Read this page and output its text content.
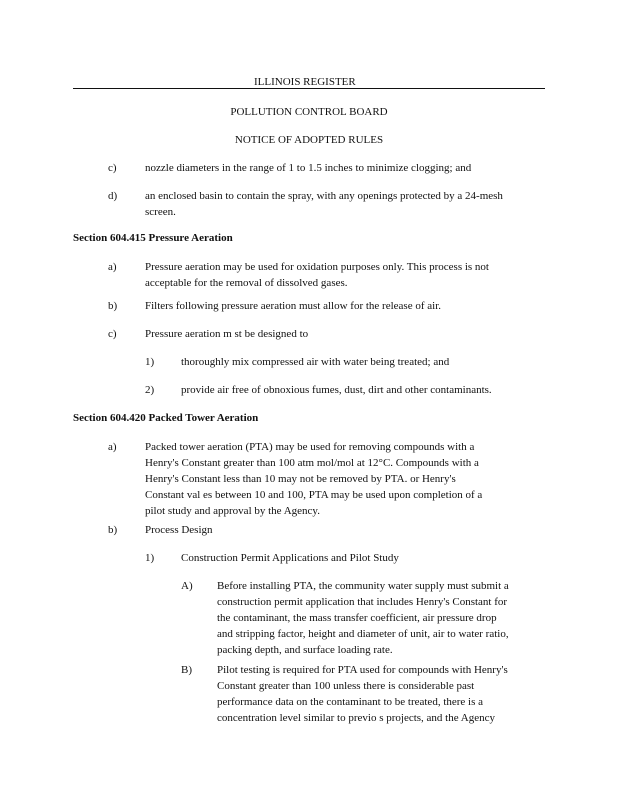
ILLINOIS REGISTER
POLLUTION CONTROL BOARD
NOTICE OF ADOPTED RULES
c)	nozzle diameters in the range of 1 to 1.5 inches to minimize clogging; and
d)	an enclosed basin to contain the spray, with any openings protected by a 24-mesh
screen.
Section 604.415 Pressure Aeration
a)	Pressure aeration may be used for oxidation purposes only. This process is not
acceptable for the removal of dissolved gases.
b)	Filters following pressure aeration must allow for the release of air.
c)	Pressure aeration m st be designed to
1) thoroughly mix compressed air with water being treated; and
2) provide air free of obnoxious fumes, dust, dirt and other contaminants.
Section 604.420 Packed Tower Aeration
a)	Packed tower aeration (PTA) may be used for removing compounds with a
Henry's Constant greater than 100 atm mol/mol at 12°C. Compounds with a
Henry's Constant less than 10 may not be removed by PTA. or Henry's
Constant val es between 10 and 100, PTA may be used upon completion of a
pilot study and approval by the Agency.
b)	Process Design
1) Construction Permit Applications and Pilot Study
A) Before installing PTA, the community water supply must submit a
construction permit application that includes Henry's Constant for
the contaminant, the mass transfer coefficient, air pressure drop
and stripping factor, height and diameter of unit, air to water ratio,
packing depth, and surface loading rate.
B) Pilot testing is required for PTA used for compounds with Henry's
Constant greater than 100 unless there is considerable past
performance data on the contaminant to be treated, there is a
concentration level similar to previo s projects, and the Agency
